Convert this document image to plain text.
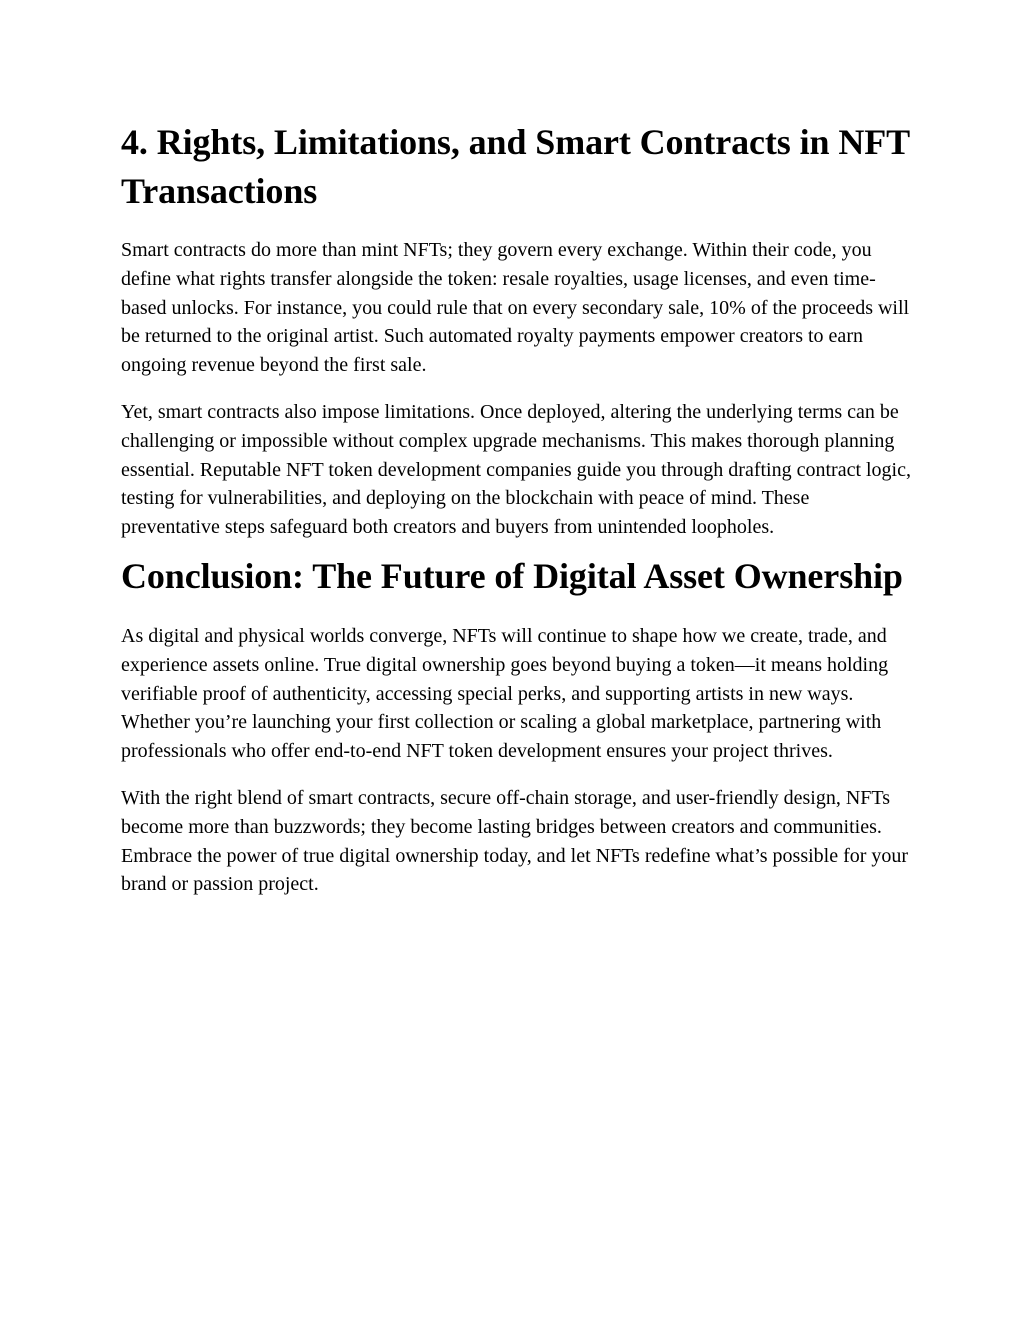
4. Rights, Limitations, and Smart Contracts in NFT Transactions

Smart contracts do more than mint NFTs; they govern every exchange. Within their code, you define what rights transfer alongside the token: resale royalties, usage licenses, and even time-based unlocks. For instance, you could rule that on every secondary sale, 10% of the proceeds will be returned to the original artist. Such automated royalty payments empower creators to earn ongoing revenue beyond the first sale.

Yet, smart contracts also impose limitations. Once deployed, altering the underlying terms can be challenging or impossible without complex upgrade mechanisms. This makes thorough planning essential. Reputable NFT token development companies guide you through drafting contract logic, testing for vulnerabilities, and deploying on the blockchain with peace of mind. These preventative steps safeguard both creators and buyers from unintended loopholes.

Conclusion: The Future of Digital Asset Ownership

As digital and physical worlds converge, NFTs will continue to shape how we create, trade, and experience assets online. True digital ownership goes beyond buying a token—it means holding verifiable proof of authenticity, accessing special perks, and supporting artists in new ways. Whether you’re launching your first collection or scaling a global marketplace, partnering with professionals who offer end-to-end NFT token development ensures your project thrives.

With the right blend of smart contracts, secure off-chain storage, and user-friendly design, NFTs become more than buzzwords; they become lasting bridges between creators and communities. Embrace the power of true digital ownership today, and let NFTs redefine what’s possible for your brand or passion project.
